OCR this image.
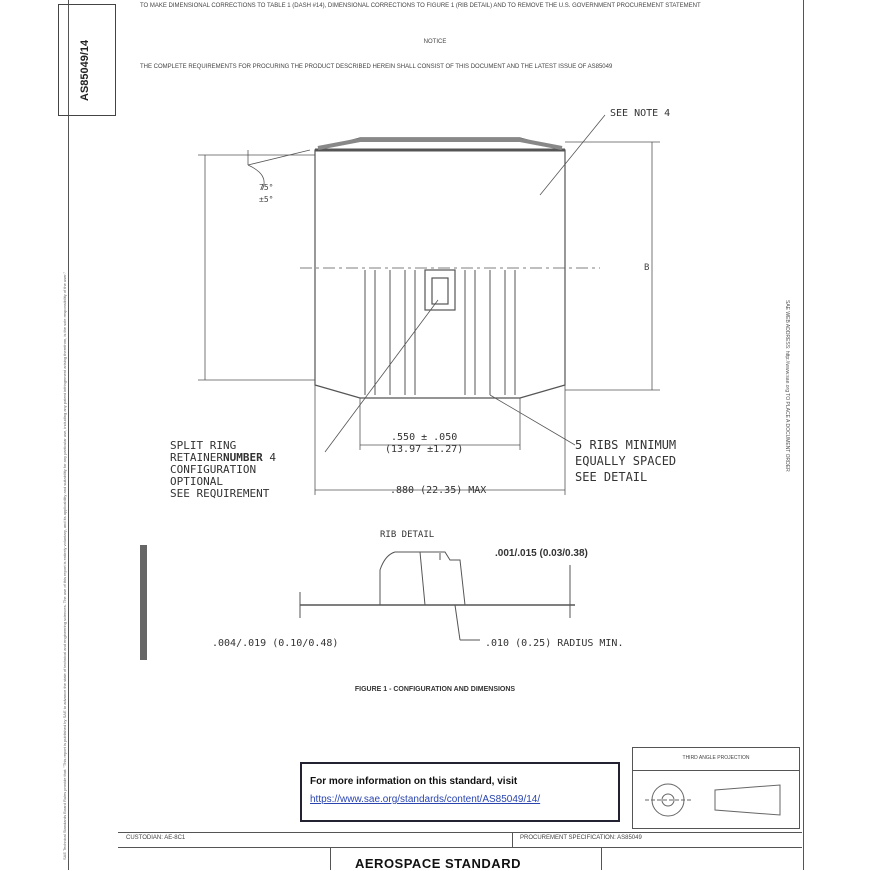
AS85049/14
SAE Technical Standards Board Rules provide that: "This report is published by SAE to advance the state of technical and engineering sciences. The use of this report is entirely voluntary, and its applicability and suitability for any particular use, including any patent infringement arising therefrom, is the sole responsibility of the user."	SAE WEB ADDRESS: http://www.sae.org TO PLACE A DOCUMENT ORDER
TO MAKE DIMENSIONAL CORRECTIONS TO TABLE 1 (DASH #14), DIMENSIONAL CORRECTIONS TO FIGURE 1 (RIB DETAIL) AND TO REMOVE THE U.S. GOVERNMENT PROCUREMENT STATEMENT
NOTICE
THE COMPLETE REQUIREMENTS FOR PROCURING THE PRODUCT DESCRIBED HEREIN SHALL CONSIST OF THIS DOCUMENT AND THE LATEST ISSUE OF AS85049
75°
±5°
B
SEE NOTE 4
SPLIT RING
RETAINERNUMBER 4
CONFIGURATION
OPTIONAL
SEE REQUIREMENT
.550 ± .050
(13.97 ±1.27)	5 RIBS MINIMUM
EQUALLY SPACED
SEE DETAIL
.880 (22.35) MAX
RIB DETAIL
.001/.015 (0.03/0.38)
.004/.019 (0.10/0.48)	.010 (0.25) RADIUS MIN.
FIGURE 1 - CONFIGURATION AND DIMENSIONS
For more information on this standard, visit
https://www.sae.org/standards/content/AS85049/14/
THIRD ANGLE PROJECTION
CUSTODIAN: AE-8C1	PROCUREMENT SPECIFICATION: AS85049
AEROSPACE STANDARD
